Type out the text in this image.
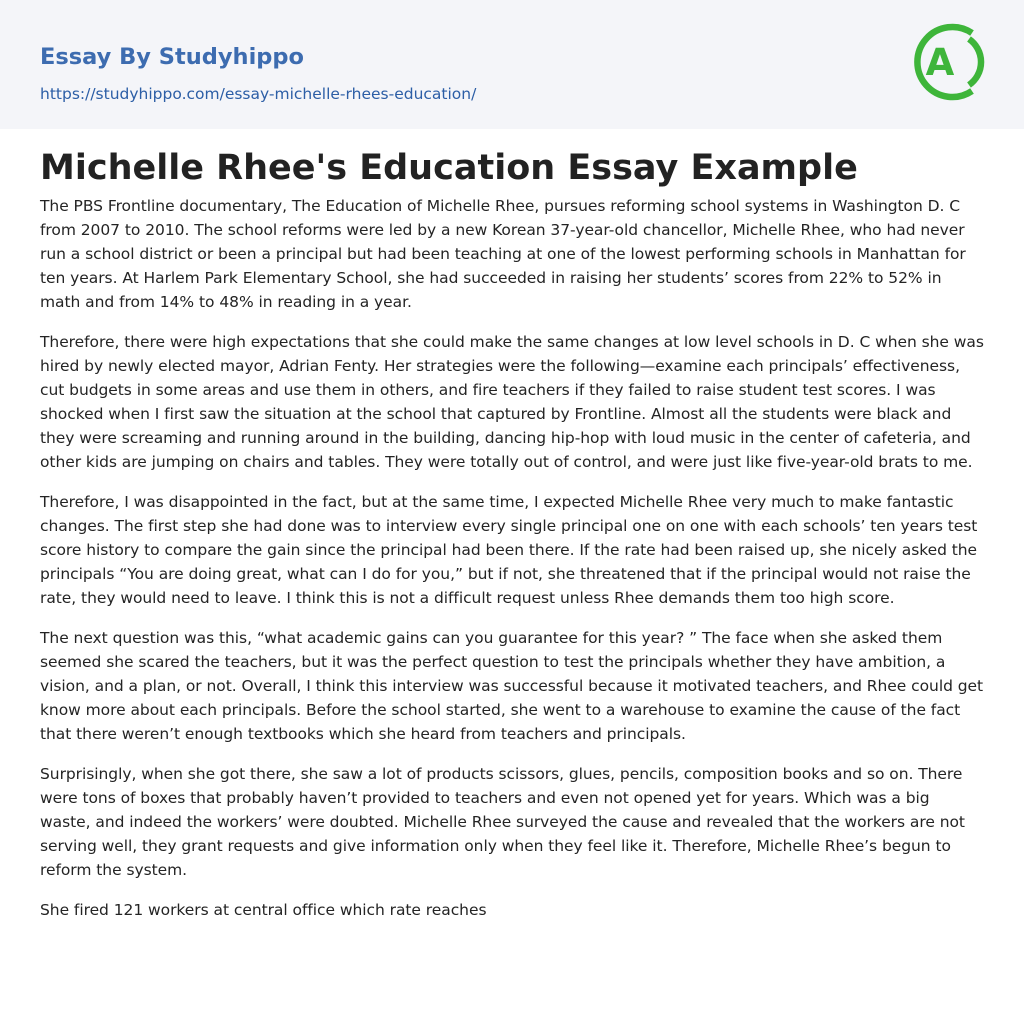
Essay By Studyhippo
https://studyhippo.com/essay-michelle-rhees-education/
A
Michelle Rhee's Education Essay Example

The PBS Frontline documentary, The Education of Michelle Rhee, pursues reforming school systems in Washington D. C from 2007 to 2010. The school reforms were led by a new Korean 37-year-old chancellor, Michelle Rhee, who had never run a school district or been a principal but had been teaching at one of the lowest performing schools in Manhattan for ten years. At Harlem Park Elementary School, she had succeeded in raising her students’ scores from 22% to 52% in math and from 14% to 48% in reading in a year.

Therefore, there were high expectations that she could make the same changes at low level schools in D. C when she was hired by newly elected mayor, Adrian Fenty. Her strategies were the following—examine each principals’ effectiveness, cut budgets in some areas and use them in others, and fire teachers if they failed to raise student test scores. I was shocked when I first saw the situation at the school that captured by Frontline. Almost all the students were black and they were screaming and running around in the building, dancing hip-hop with loud music in the center of cafeteria, and other kids are jumping on chairs and tables. They were totally out of control, and were just like five-year-old brats to me.

Therefore, I was disappointed in the fact, but at the same time, I expected Michelle Rhee very much to make fantastic changes. The first step she had done was to interview every single principal one on one with each schools’ ten years test score history to compare the gain since the principal had been there. If the rate had been raised up, she nicely asked the principals “You are doing great, what can I do for you,” but if not, she threatened that if the principal would not raise the rate, they would need to leave. I think this is not a difficult request unless Rhee demands them too high score.

The next question was this, “what academic gains can you guarantee for this year? ” The face when she asked them seemed she scared the teachers, but it was the perfect question to test the principals whether they have ambition, a vision, and a plan, or not. Overall, I think this interview was successful because it motivated teachers, and Rhee could get know more about each principals. Before the school started, she went to a warehouse to examine the cause of the fact that there weren’t enough textbooks which she heard from teachers and principals.

Surprisingly, when she got there, she saw a lot of products scissors, glues, pencils, composition books and so on. There were tons of boxes that probably haven’t provided to teachers and even not opened yet for years. Which was a big waste, and indeed the workers’ were doubted. Michelle Rhee surveyed the cause and revealed that the workers are not serving well, they grant requests and give information only when they feel like it. Therefore, Michelle Rhee’s begun to reform the system.

She fired 121 workers at central office which rate reaches
